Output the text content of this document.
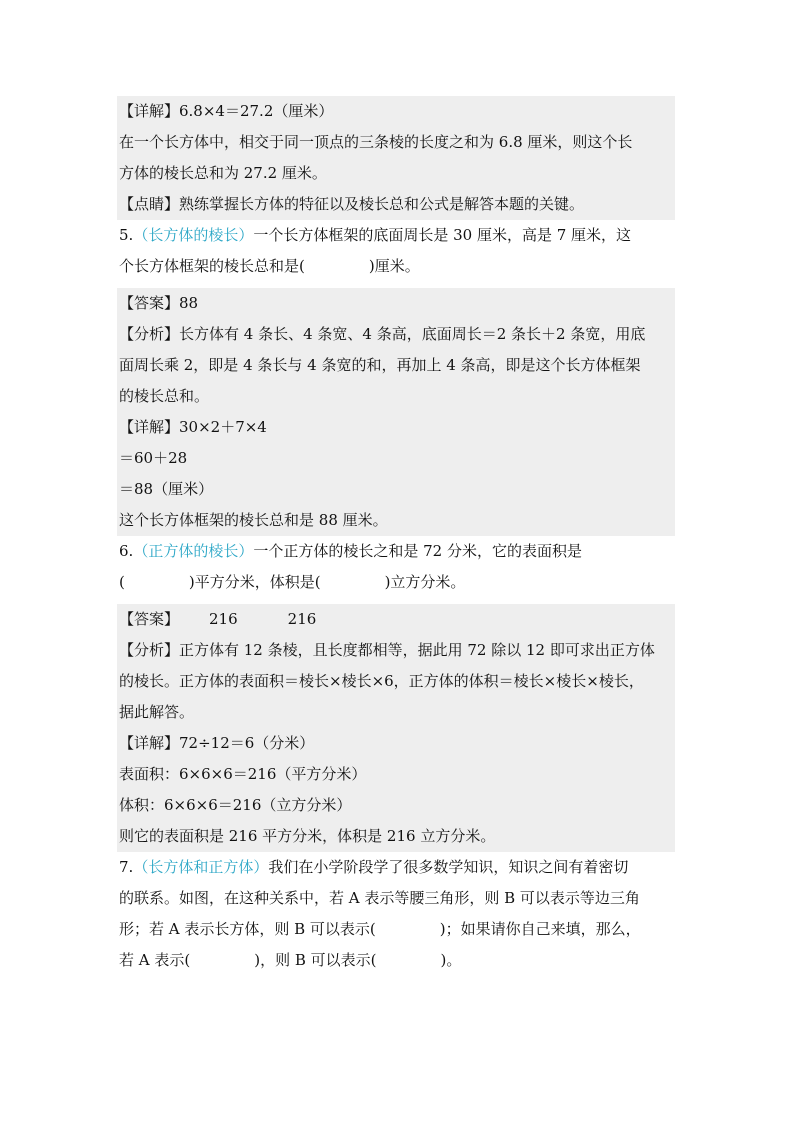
【详解】6.8×4＝27.2（厘米）
在一个长方体中，相交于同一顶点的三条棱的长度之和为 6.8 厘米，则这个长
方体的棱长总和为 27.2 厘米。
【点睛】熟练掌握长方体的特征以及棱长总和公式是解答本题的关键。
5.（长方体的棱长）一个长方体框架的底面周长是 30 厘米，高是 7 厘米，这
个长方体框架的棱长总和是(	)厘米。
【答案】88
【分析】长方体有 4 条长、4 条宽、4 条高，底面周长＝2 条长＋2 条宽，用底
面周长乘 2，即是 4 条长与 4 条宽的和，再加上 4 条高，即是这个长方体框架
的棱长总和。
【详解】30×2＋7×4
＝60＋28
＝88（厘米）
这个长方体框架的棱长总和是 88 厘米。
6.（正方体的棱长）一个正方体的棱长之和是 72 分米，它的表面积是
(	)平方分米，体积是(	)立方分米。
【答案】 216	216
【分析】正方体有 12 条棱，且长度都相等，据此用 72 除以 12 即可求出正方体
的棱长。正方体的表面积＝棱长×棱长×6，正方体的体积＝棱长×棱长×棱长，
据此解答。
【详解】72÷12＝6（分米）
表面积：6×6×6＝216（平方分米）
体积：6×6×6＝216（立方分米）
则它的表面积是 216 平方分米，体积是 216 立方分米。
7.（长方体和正方体）我们在小学阶段学了很多数学知识，知识之间有着密切
的联系。如图，在这种关系中，若 A 表示等腰三角形，则 B 可以表示等边三角
形；若 A 表示长方体，则 B 可以表示(	)；如果请你自己来填，那么，
若 A 表示(	)，则 B 可以表示(	)。
